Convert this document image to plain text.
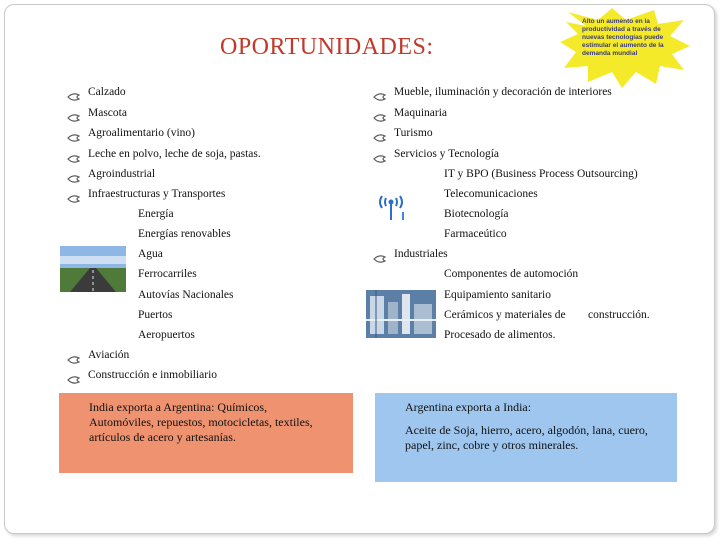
OPORTUNIDADES:
Alto un aumento en la productividad a través de nuevas tecnologías puede estimular el aumento de la demanda mundial
Calzado
Mascota
Agroalimentario (vino)
Leche en polvo, leche de soja, pastas.
Agroindustrial
Infraestructuras y Transportes
Energía
Energías renovables
Agua
Ferrocarriles
Autovías Nacionales
Puertos
Aeropuertos
Aviación
Construcción e inmobiliario
Mueble, iluminación y decoración de interiores
Maquinaria
Turismo
Servicios y Tecnología
IT y BPO (Business Process Outsourcing)
Telecomunicaciones
Biotecnología
Farmaceútico
Industriales
Componentes de automoción
Equipamiento sanitario
Cerámicos y materiales de
Procesado de alimentos.
construcción.
India exporta a Argentina: Químicos,
Automóviles, repuestos, motocicletas, textiles, artículos de acero y artesanías.
Argentina exporta a India:
Aceite de Soja, hierro, acero, algodón, lana, cuero, papel, zinc, cobre y otros minerales.
